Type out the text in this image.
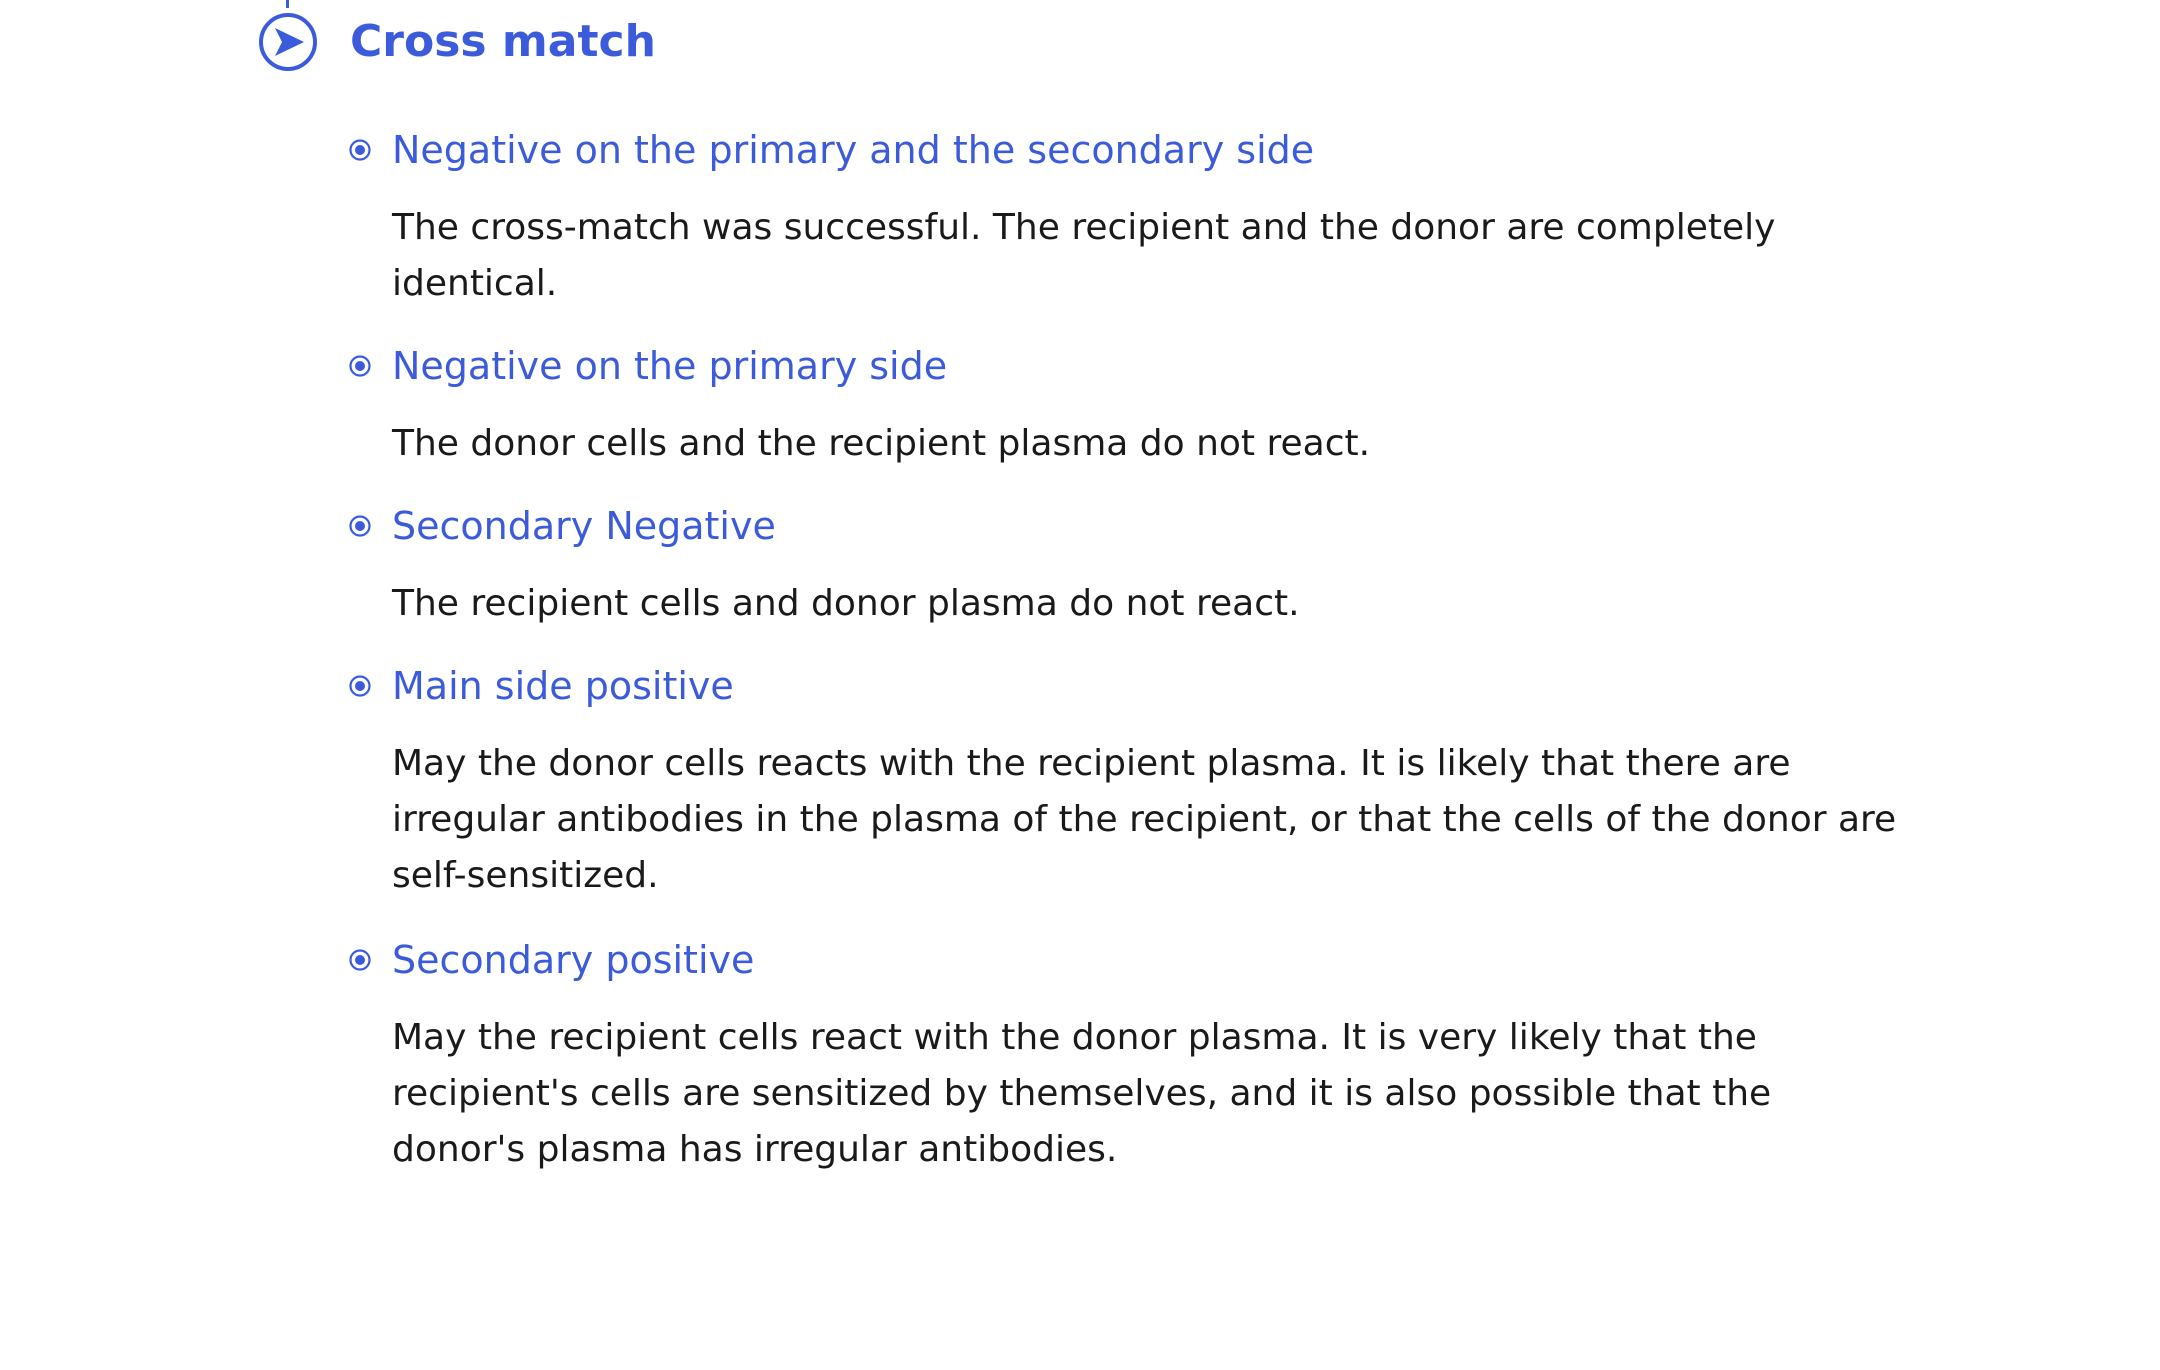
Cross match
Negative on the primary and the secondary side
The cross-match was successful. The recipient and the donor are completely identical.
Negative on the primary side
The donor cells and the recipient plasma do not react.
Secondary Negative
The recipient cells and donor plasma do not react.
Main side positive
May the donor cells reacts with the recipient plasma. It is likely that there are irregular antibodies in the plasma of the recipient, or that the cells of the donor are self-sensitized.
Secondary positive
May the recipient cells react with the donor plasma. It is very likely that the recipient's cells are sensitized by themselves, and it is also possible that the donor's plasma has irregular antibodies.
